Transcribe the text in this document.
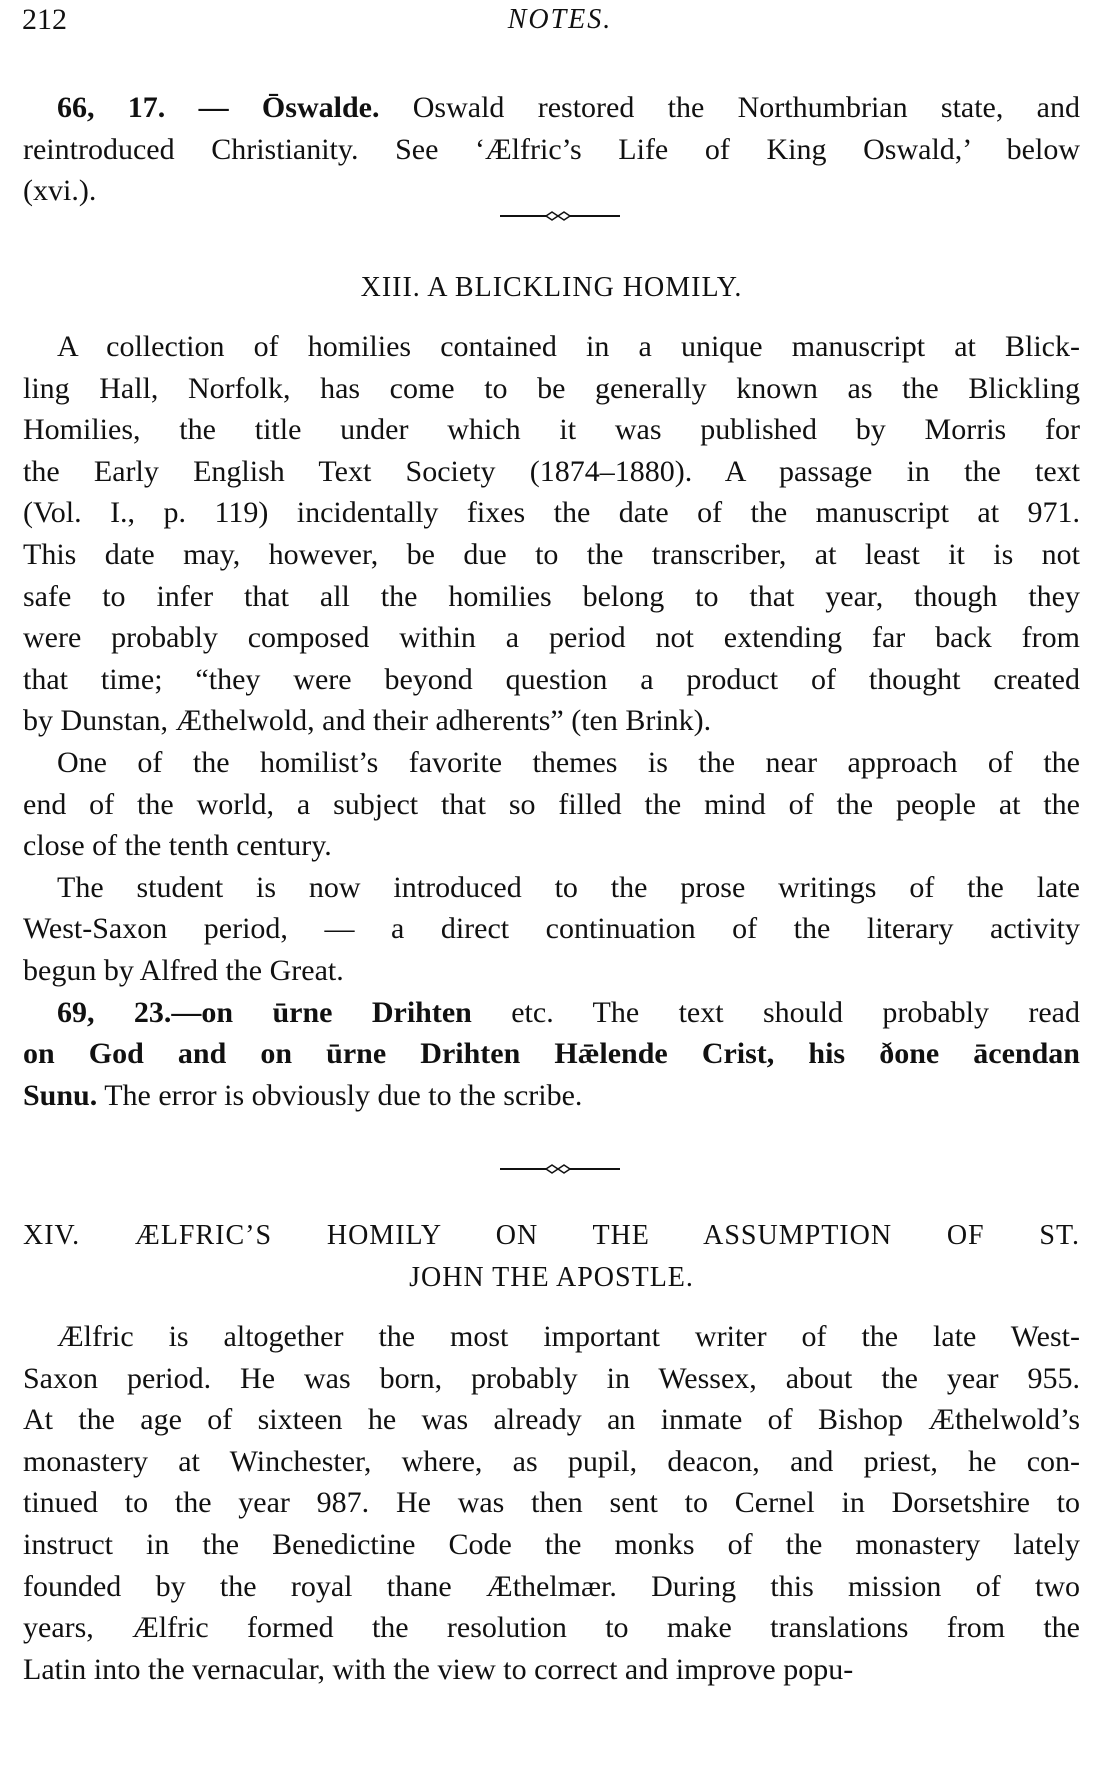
212	NOTES.
66, 17. — Ōswalde. Oswald restored the Northumbrian state, and
reintroduced Christianity. See ‘Ælfric’s Life of King Oswald,’ below
(xvi.).
XIII. A BLICKLING HOMILY.
A collection of homilies contained in a unique manuscript at Blick-
ling Hall, Norfolk, has come to be generally known as the Blickling
Homilies, the title under which it was published by Morris for
the Early English Text Society (1874–1880). A passage in the text
(Vol. I., p. 119) incidentally fixes the date of the manuscript at 971.
This date may, however, be due to the transcriber, at least it is not
safe to infer that all the homilies belong to that year, though they
were probably composed within a period not extending far back from
that time; “they were beyond question a product of thought created
by Dunstan, Æthelwold, and their adherents” (ten Brink).
One of the homilist’s favorite themes is the near approach of the
end of the world, a subject that so filled the mind of the people at the
close of the tenth century.
The student is now introduced to the prose writings of the late
West-Saxon period, — a direct continuation of the literary activity
begun by Alfred the Great.
69, 23.—on ūrne Drihten etc. The text should probably read
on God and on ūrne Drihten Hǣlende Crist, his ðone ācendan
Sunu. The error is obviously due to the scribe.
XIV. ÆLFRIC’S HOMILY ON THE ASSUMPTION OF ST.
JOHN THE APOSTLE.
Ælfric is altogether the most important writer of the late West-
Saxon period. He was born, probably in Wessex, about the year 955.
At the age of sixteen he was already an inmate of Bishop Æthelwold’s
monastery at Winchester, where, as pupil, deacon, and priest, he con-
tinued to the year 987. He was then sent to Cernel in Dorsetshire to
instruct in the Benedictine Code the monks of the monastery lately
founded by the royal thane Æthelmær. During this mission of two
years, Ælfric formed the resolution to make translations from the
Latin into the vernacular, with the view to correct and improve popu-
